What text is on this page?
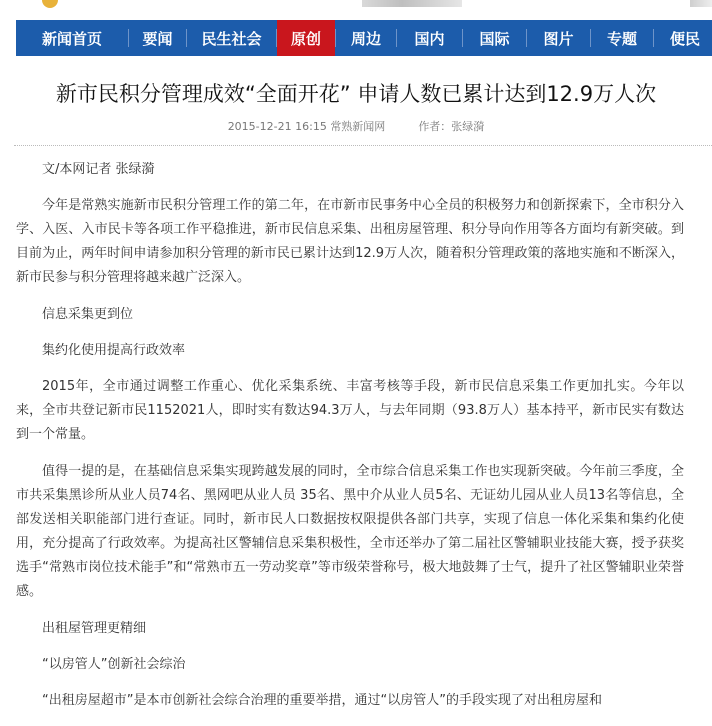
新闻首页	要闻	民生社会	原创	周边	国内	国际	图片	专题	便民
新市民积分管理成效“全面开花” 申请人数已累计达到12.9万人次
2015-12-21 16:15 常熟新闻网	作者：张绿漪

文/本网记者 张绿漪

今年是常熟实施新市民积分管理工作的第二年，在市新市民事务中心全员的积极努力和创新探索下，全市积分入学、入医、入市民卡等各项工作平稳推进，新市民信息采集、出租房屋管理、积分导向作用等各方面均有新突破。到目前为止，两年时间申请参加积分管理的新市民已累计达到12.9万人次，随着积分管理政策的落地实施和不断深入，新市民参与积分管理将越来越广泛深入。

信息采集更到位

集约化使用提高行政效率

2015年，全市通过调整工作重心、优化采集系统、丰富考核等手段，新市民信息采集工作更加扎实。今年以来，全市共登记新市民1152021人，即时实有数达94.3万人，与去年同期（93.8万人）基本持平，新市民实有数达到一个常量。

值得一提的是，在基础信息采集实现跨越发展的同时，全市综合信息采集工作也实现新突破。今年前三季度，全市共采集黑诊所从业人员74名、黑网吧从业人员 35名、黑中介从业人员5名、无证幼儿园从业人员13名等信息，全部发送相关职能部门进行查证。同时，新市民人口数据按权限提供各部门共享，实现了信息一体化采集和集约化使用，充分提高了行政效率。为提高社区警辅信息采集积极性，全市还举办了第二届社区警辅职业技能大赛，授予获奖选手“常熟市岗位技术能手”和“常熟市五一劳动奖章”等市级荣誉称号，极大地鼓舞了士气，提升了社区警辅职业荣誉感。

出租屋管理更精细

“以房管人”创新社会综治

“出租房屋超市”是本市创新社会综合治理的重要举措，通过“以房管人”的手段实现了对出租房屋和
